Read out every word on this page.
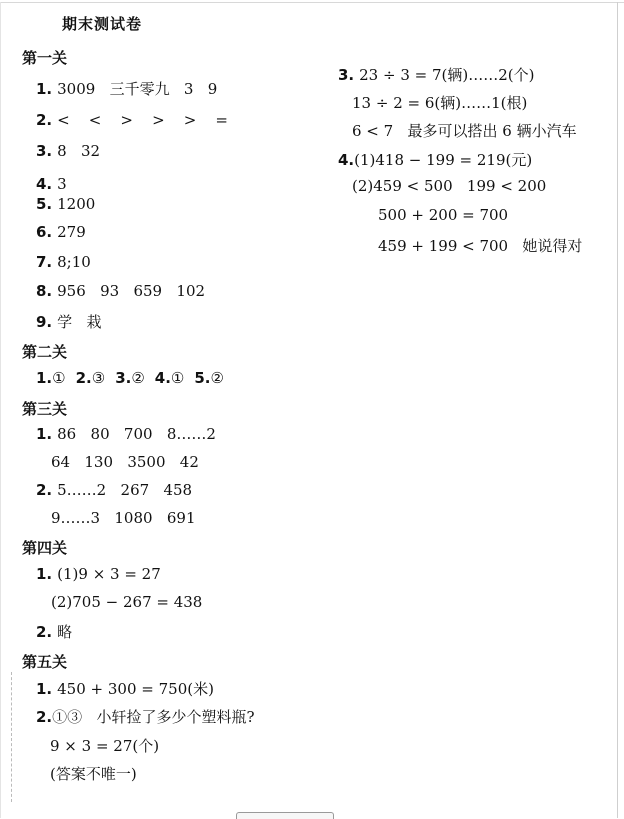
期末测试卷
第一关
1. 3009   三千零九   3   9
2. <    <    >    >    >    =
3. 8   32
4. 3
5. 1200
6. 279
7. 8;10
8. 956   93   659   102
9. 学   栽
第二关
1.① 2.③ 3.② 4.① 5.②
第三关
1. 86   80   700   8……2
64   130   3500   42
2. 5……2   267   458
9……3   1080   691
第四关
1. (1)9 × 3 = 27
(2)705 − 267 = 438
2. 略
第五关
1. 450 + 300 = 750(米)
2.①③   小轩捡了多少个塑料瓶?
9 × 3 = 27(个)
(答案不唯一)
3. 23 ÷ 3 = 7(辆)……2(个)
13 ÷ 2 = 6(辆)……1(根)
6 < 7   最多可以搭出 6 辆小汽车
4.(1)418 − 199 = 219(元)
(2)459 < 500   199 < 200
500 + 200 = 700
459 + 199 < 700   她说得对
